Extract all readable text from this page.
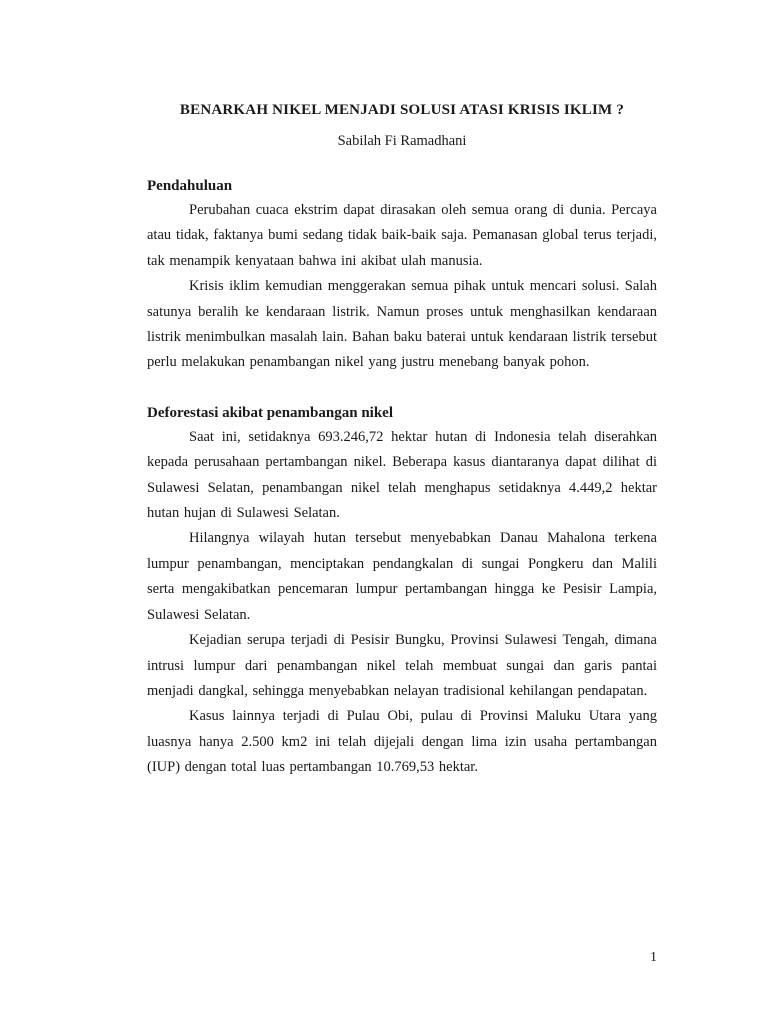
BENARKAH NIKEL MENJADI SOLUSI ATASI KRISIS IKLIM ?
Sabilah Fi Ramadhani
Pendahuluan

Perubahan cuaca ekstrim dapat dirasakan oleh semua orang di dunia. Percaya atau tidak, faktanya bumi sedang tidak baik-baik saja. Pemanasan global terus terjadi, tak menampik kenyataan bahwa ini akibat ulah manusia.

Krisis iklim kemudian menggerakan semua pihak untuk mencari solusi. Salah satunya beralih ke kendaraan listrik. Namun proses untuk menghasilkan kendaraan listrik menimbulkan masalah lain. Bahan baku baterai untuk kendaraan listrik tersebut perlu melakukan penambangan nikel yang justru menebang banyak pohon.

Deforestasi akibat penambangan nikel

Saat ini, setidaknya 693.246,72 hektar hutan di Indonesia telah diserahkan kepada perusahaan pertambangan nikel. Beberapa kasus diantaranya dapat dilihat di Sulawesi Selatan, penambangan nikel telah menghapus setidaknya 4.449,2 hektar hutan hujan di Sulawesi Selatan.

Hilangnya wilayah hutan tersebut menyebabkan Danau Mahalona terkena lumpur penambangan, menciptakan pendangkalan di sungai Pongkeru dan Malili serta mengakibatkan pencemaran lumpur pertambangan hingga ke Pesisir Lampia, Sulawesi Selatan.

Kejadian serupa terjadi di Pesisir Bungku, Provinsi Sulawesi Tengah, dimana intrusi lumpur dari penambangan nikel telah membuat sungai dan garis pantai menjadi dangkal, sehingga menyebabkan nelayan tradisional kehilangan pendapatan.

Kasus lainnya terjadi di Pulau Obi, pulau di Provinsi Maluku Utara yang luasnya hanya 2.500 km2 ini telah dijejali dengan lima izin usaha pertambangan (IUP) dengan total luas pertambangan 10.769,53 hektar.

1
